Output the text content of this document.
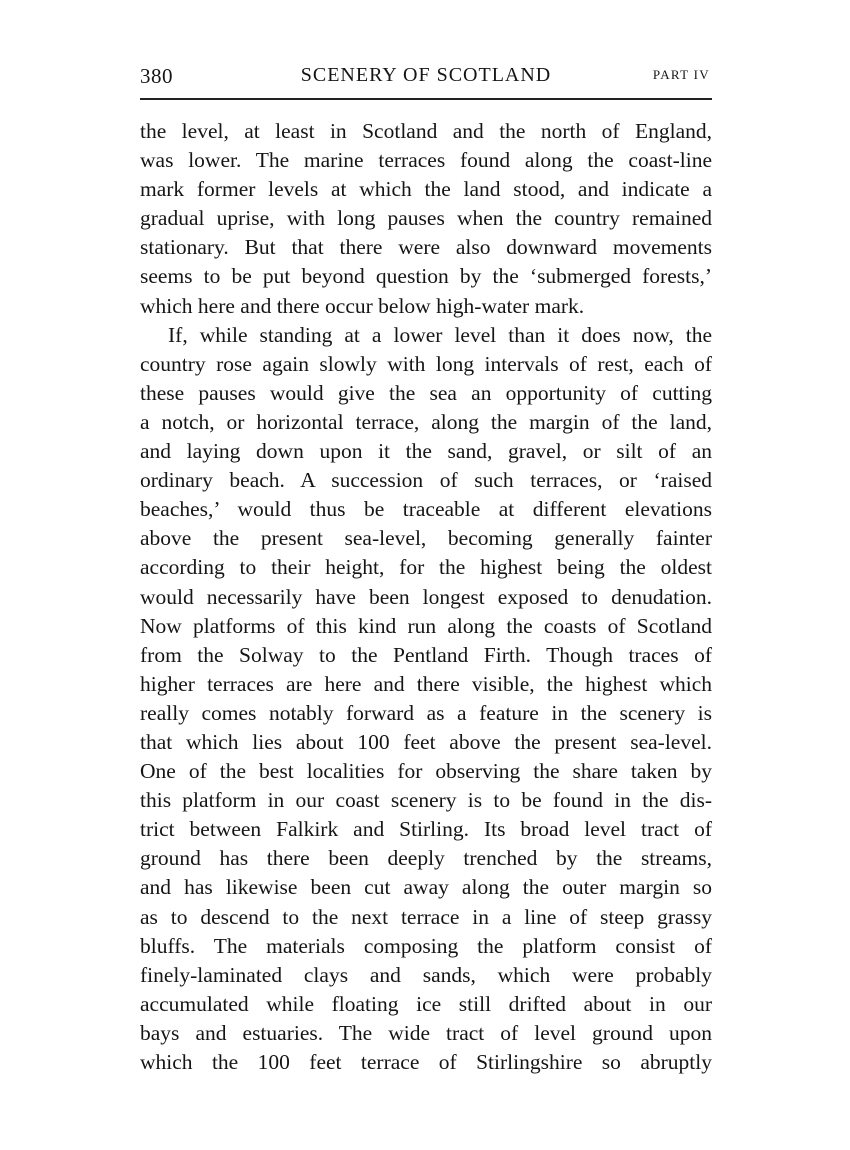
380	SCENERY OF SCOTLAND	PART IV
the level, at least in Scotland and the north of England,
was lower. The marine terraces found along the coast-line
mark former levels at which the land stood, and indicate a
gradual uprise, with long pauses when the country remained
stationary. But that there were also downward movements
seems to be put beyond question by the ‘submerged forests,’
which here and there occur below high-water mark.
If, while standing at a lower level than it does now, the
country rose again slowly with long intervals of rest, each of
these pauses would give the sea an opportunity of cutting
a notch, or horizontal terrace, along the margin of the land,
and laying down upon it the sand, gravel, or silt of an
ordinary beach. A succession of such terraces, or ‘raised
beaches,’ would thus be traceable at different elevations
above the present sea-level, becoming generally fainter
according to their height, for the highest being the oldest
would necessarily have been longest exposed to denudation.
Now platforms of this kind run along the coasts of Scotland
from the Solway to the Pentland Firth. Though traces of
higher terraces are here and there visible, the highest which
really comes notably forward as a feature in the scenery is
that which lies about 100 feet above the present sea-level.
One of the best localities for observing the share taken by
this platform in our coast scenery is to be found in the dis-
trict between Falkirk and Stirling. Its broad level tract of
ground has there been deeply trenched by the streams,
and has likewise been cut away along the outer margin so
as to descend to the next terrace in a line of steep grassy
bluffs. The materials composing the platform consist of
finely-laminated clays and sands, which were probably
accumulated while floating ice still drifted about in our
bays and estuaries. The wide tract of level ground upon
which the 100 feet terrace of Stirlingshire so abruptly
